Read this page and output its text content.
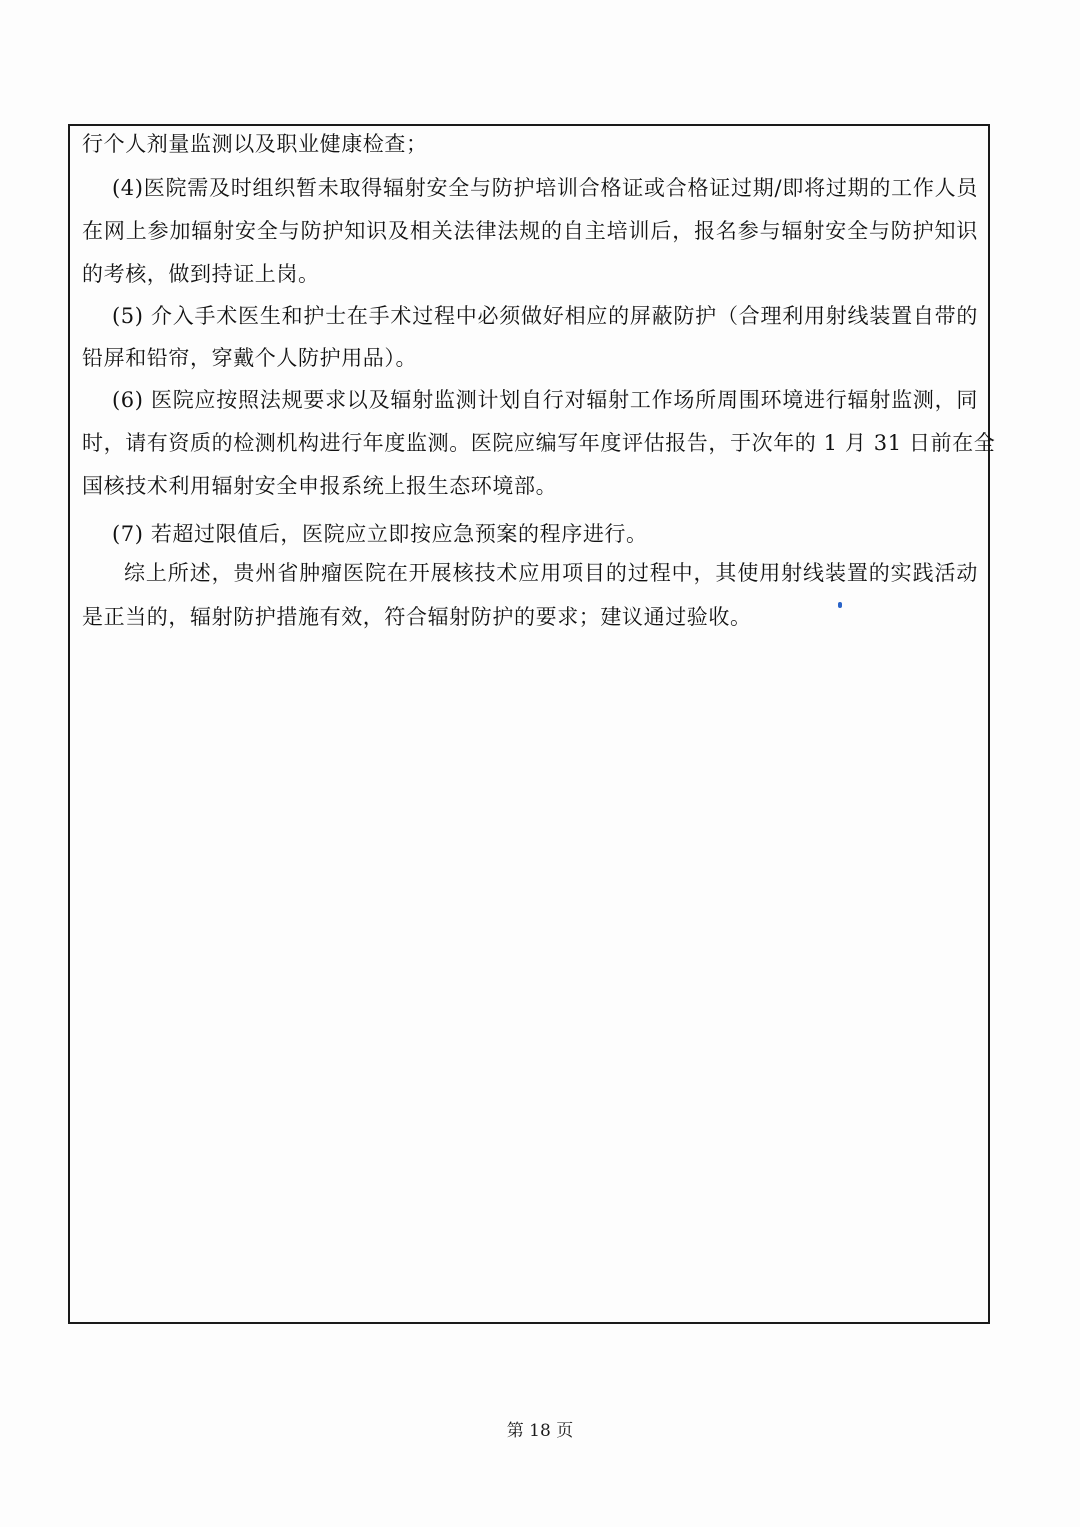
行个人剂量监测以及职业健康检查；

(4)医院需及时组织暂未取得辐射安全与防护培训合格证或合格证过期/即将过期的工作人员

在网上参加辐射安全与防护知识及相关法律法规的自主培训后，报名参与辐射安全与防护知识

的考核，做到持证上岗。

(5) 介入手术医生和护士在手术过程中必须做好相应的屏蔽防护（合理利用射线装置自带的

铅屏和铅帘，穿戴个人防护用品）。

(6) 医院应按照法规要求以及辐射监测计划自行对辐射工作场所周围环境进行辐射监测，同

时，请有资质的检测机构进行年度监测。医院应编写年度评估报告，于次年的 1 月 31 日前在全

国核技术利用辐射安全申报系统上报生态环境部。

(7) 若超过限值后，医院应立即按应急预案的程序进行。

综上所述，贵州省肿瘤医院在开展核技术应用项目的过程中，其使用射线装置的实践活动

是正当的，辐射防护措施有效，符合辐射防护的要求；建议通过验收。

第 18 页
